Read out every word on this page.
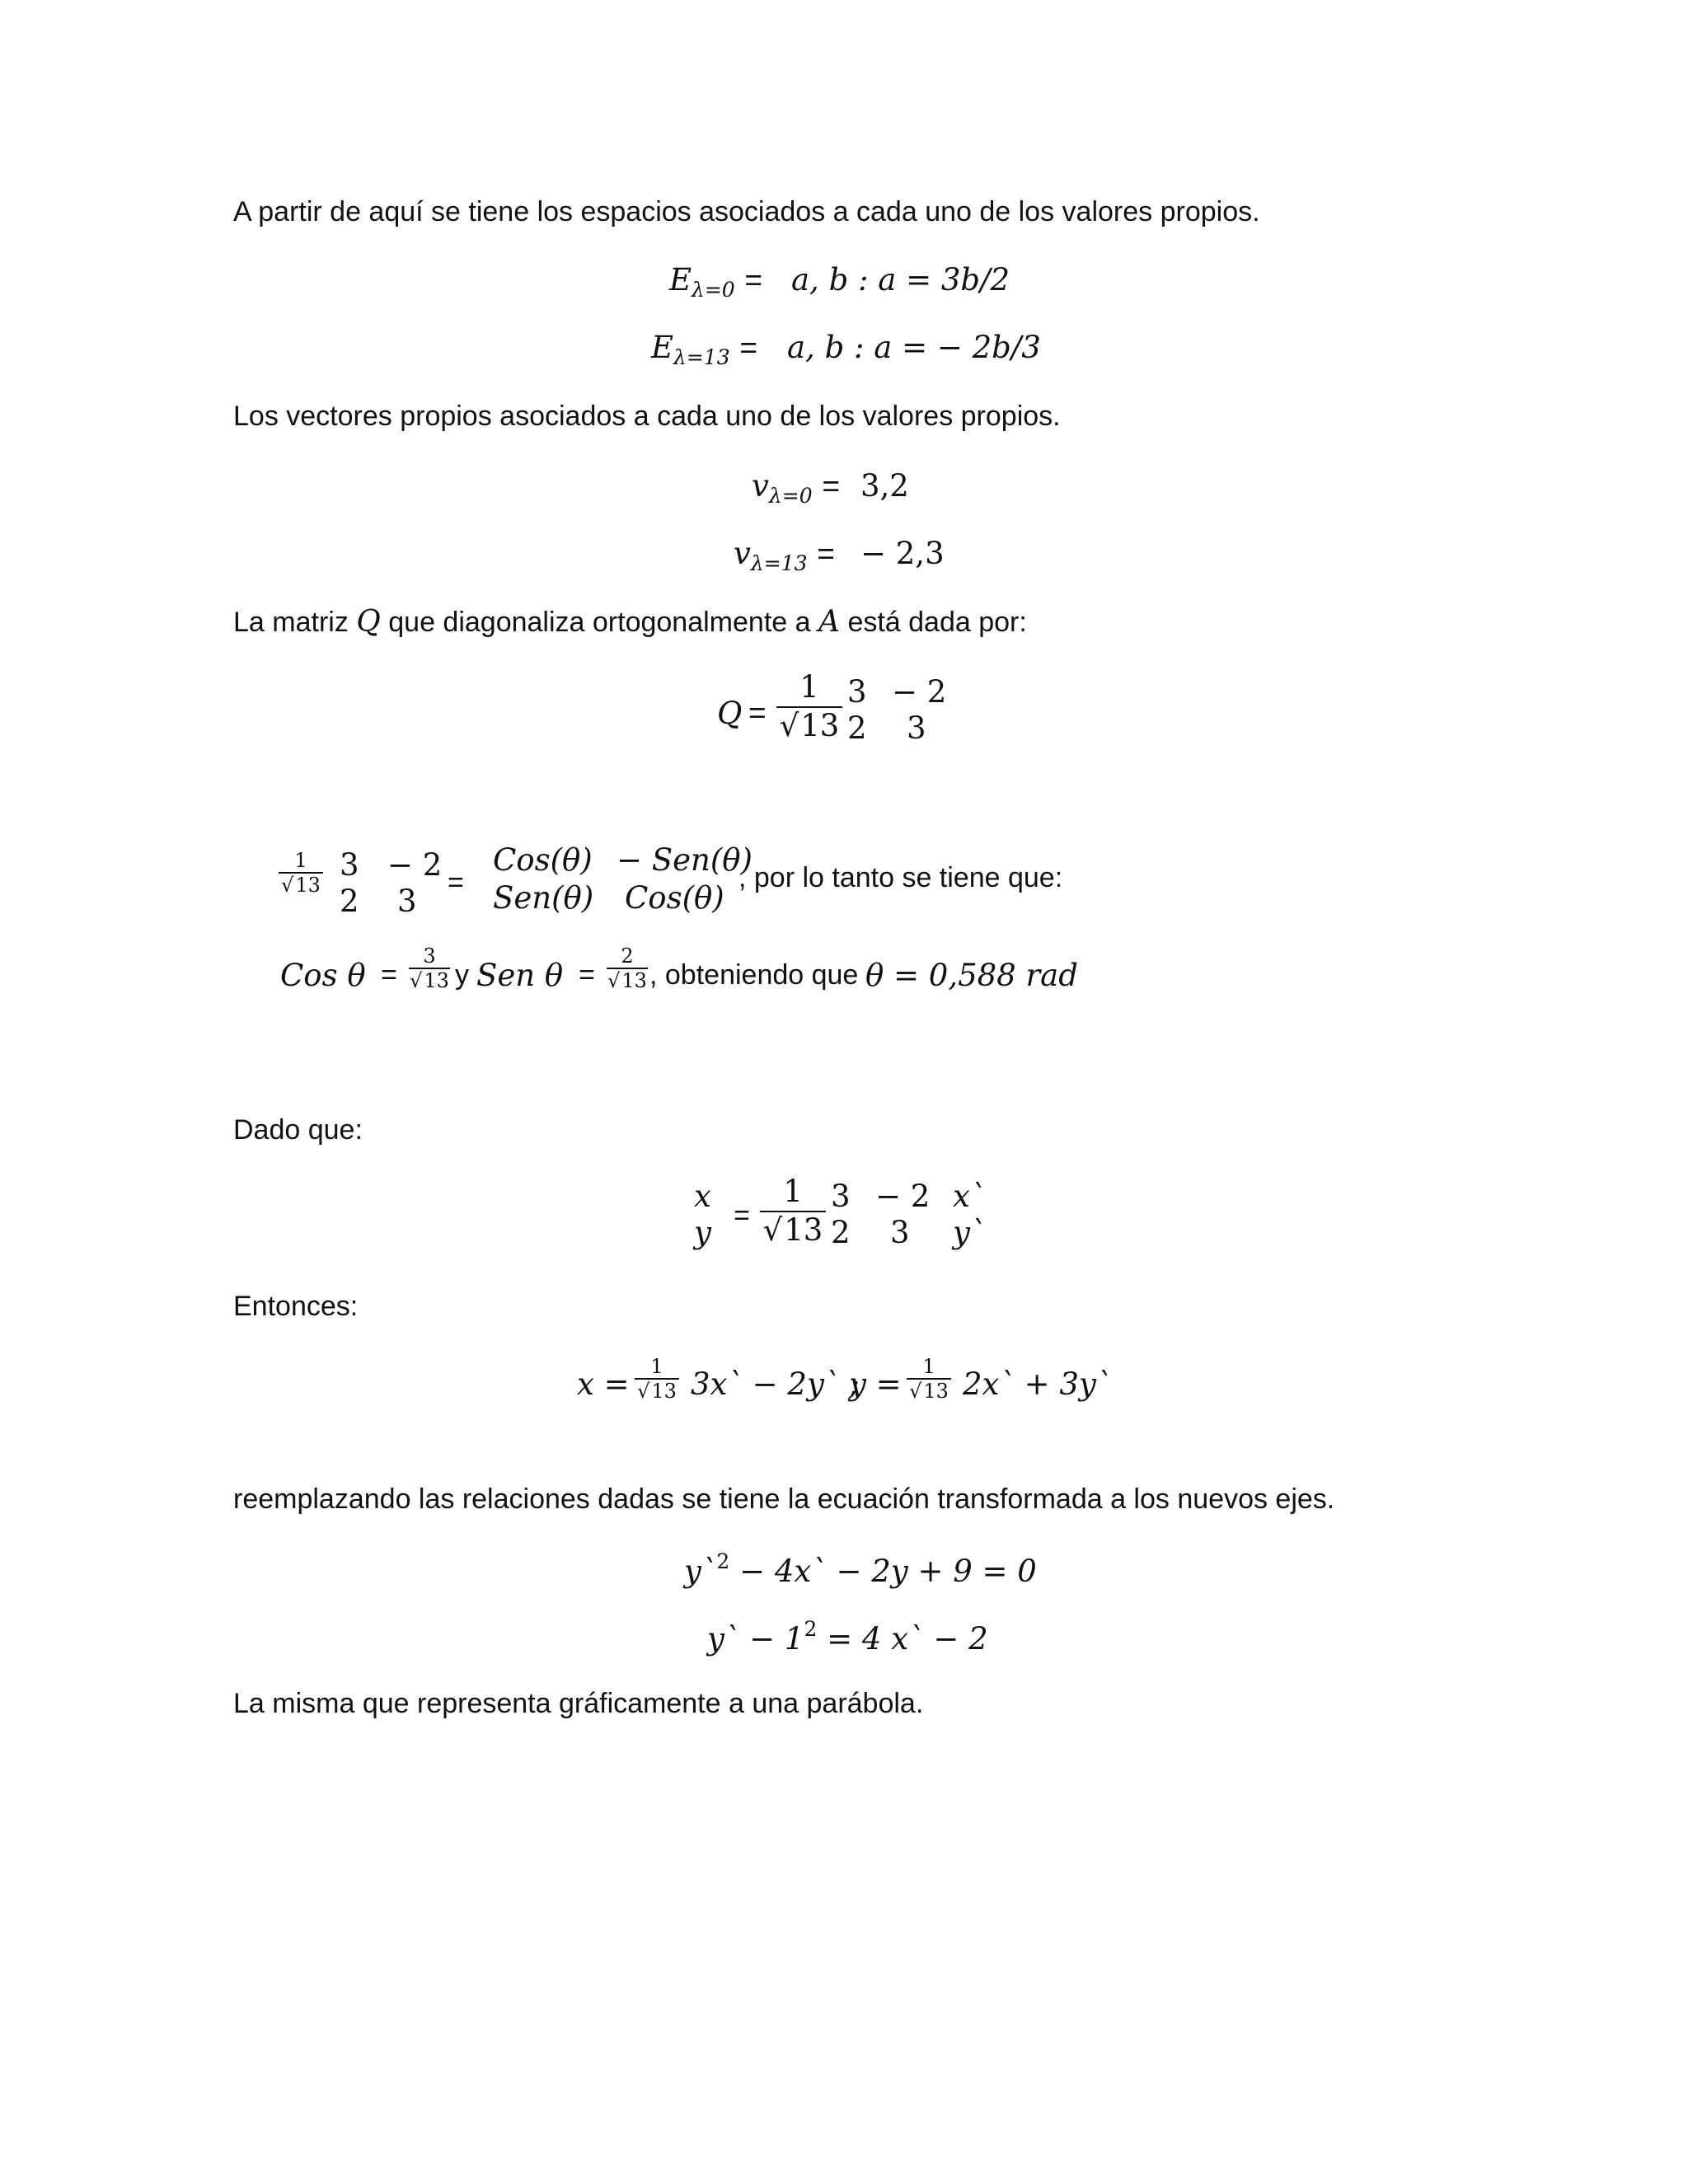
A partir de aquí se tiene los espacios asociados a cada uno de los valores propios.
$E_{\lambda=0} = a$, b : a = 3b/2
$E_{\lambda=13} = a$, b : a = − 2b/3
Los vectores propios asociados a cada uno de los valores propios.
$v_{\lambda=0} = 3,2$
$v_{\lambda=13}$ = − 2,3
La matriz Q que diagonaliza ortogonalmente a A está dada por:
$Q = \frac{1}{√13} 3 - 2$
2 3
$\frac{1}{√13} 3 - 2$
2 3
=
Cos(θ) − Sen(θ)
Sen(θ) Cos(θ)
, por lo tanto se tiene que:
Cos $\theta = \frac{3}{√13}$ y Sen $\theta = \frac{2}{√13}$ , obteniendo que θ = 0,588 rad
Dado que:
x
$y = \frac{1}{√13} 3 - 2$
2 3
x`
y`
Entonces:
$x = \frac{1}{√13}$ 3x` − 2y` ;
$y = \frac{1}{√13}$ 2x` + 3y`
reemplazando las relaciones dadas se tiene la ecuación transformada a los nuevos ejes.
y`$^2$ − 4x` − 2y + 9 = 0
y` − $1^2 = 4$ x` − 2
La misma que representa gráficamente a una parábola.
